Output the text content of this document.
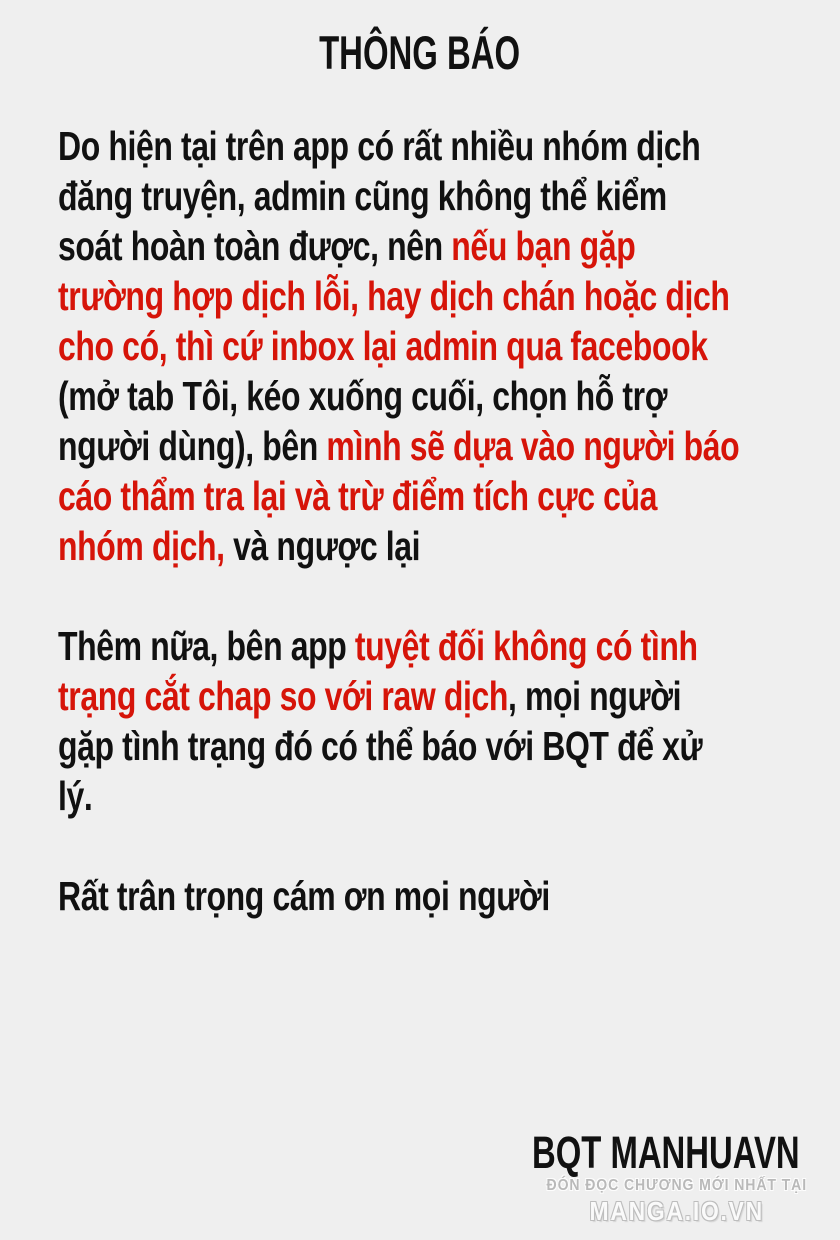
THÔNG BÁO
Do hiện tại trên app có rất nhiều nhóm dịch
đăng truyện, admin cũng không thể kiểm
soát hoàn toàn được, nên nếu bạn gặp
trường hợp dịch lỗi, hay dịch chán hoặc dịch
cho có, thì cứ inbox lại admin qua facebook
(mở tab Tôi, kéo xuống cuối, chọn hỗ trợ
người dùng), bên mình sẽ dựa vào người báo
cáo thẩm tra lại và trừ điểm tích cực của
nhóm dịch, và ngược lại
Thêm nữa, bên app tuyệt đối không có tình
trạng cắt chap so với raw dịch, mọi người
gặp tình trạng đó có thể báo với BQT để xử
lý.
Rất trân trọng cám ơn mọi người
BQT MANHUAVN
ĐÓN ĐỌC CHƯƠNG MỚI NHẤT TẠI
MANGA.IO.VN
